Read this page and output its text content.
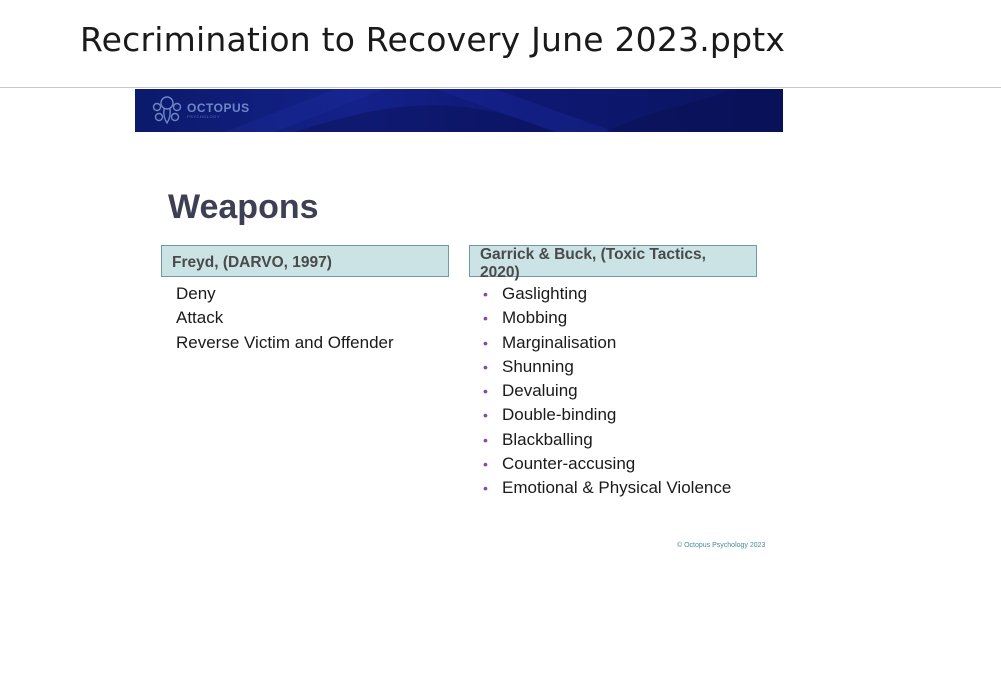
Recrimination to Recovery June 2023.pptx
OCTOPUS
PSYCHOLOGY
Weapons
Freyd, (DARVO, 1997)	Garrick & Buck, (Toxic Tactics,
2020)
Deny
Attack
Reverse Victim and Offender
• Gaslighting
• Mobbing
• Marginalisation
• Shunning
• Devaluing
• Double-binding
• Blackballing
• Counter-accusing
• Emotional & Physical Violence
© Octopus Psychology 2023
